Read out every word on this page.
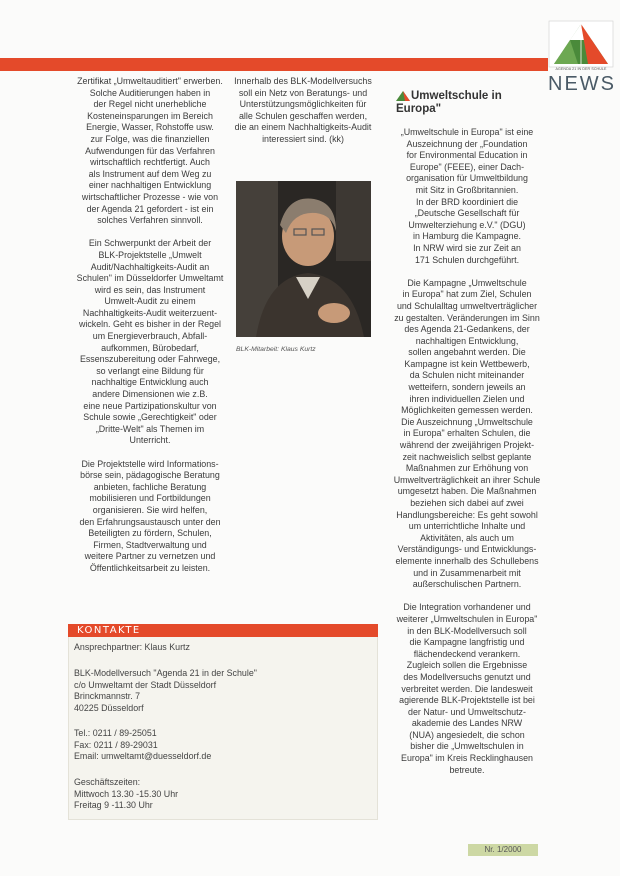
AGENDA 21 IN DER SCHULE
NEWS

Zertifikat „Umweltauditiert" erwerben.
Solche Auditierungen haben in
der Regel nicht unerhebliche
Kosteneinsparungen im Bereich
Energie, Wasser, Rohstoffe usw.
zur Folge, was die finanziellen
Aufwendungen für das Verfahren
wirtschaftlich rechtfertigt. Auch
als Instrument auf dem Weg zu
einer nachhaltigen Entwicklung
wirtschaftlicher Prozesse - wie von
der Agenda 21 gefordert - ist ein
solches Verfahren sinnvoll.

Ein Schwerpunkt der Arbeit der
BLK-Projektstelle „Umwelt
Audit/Nachhaltigkeits-Audit an
Schulen" im Düsseldorfer Umweltamt
wird es sein, das Instrument
Umwelt-Audit zu einem
Nachhaltigkeits-Audit weiterzuent-
wickeln. Geht es bisher in der Regel
um Energieverbrauch, Abfall-
aufkommen, Bürobedarf,
Essenszubereitung oder Fahrwege,
so verlangt eine Bildung für
nachhaltige Entwicklung auch
andere Dimensionen wie z.B.
eine neue Partizipationskultur von
Schule sowie „Gerechtigkeit" oder
„Dritte-Welt" als Themen im
Unterricht.

Die Projektstelle wird Informations-
börse sein, pädagogische Beratung
anbieten, fachliche Beratung
mobilisieren und Fortbildungen
organisieren. Sie wird helfen,
den Erfahrungsaustausch unter den
Beteiligten zu fördern, Schulen,
Firmen, Stadtverwaltung und
weitere Partner zu vernetzen und
Öffentlichkeitsarbeit zu leisten.

Innerhalb des BLK-Modellversuchs
soll ein Netz von Beratungs- und
Unterstützungsmöglichkeiten für
alle Schulen geschaffen werden,
die an einem Nachhaltigkeits-Audit
interessiert sind. (kk)

BLK-Mitarbeit: Klaus Kurtz
Umweltschule in
Europa"

„Umweltschule in Europa" ist eine
Auszeichnung der „Foundation
for Environmental Education in
Europe" (FEEE), einer Dach-
organisation für Umweltbildung
mit Sitz in Großbritannien.
In der BRD koordiniert die
„Deutsche Gesellschaft für
Umwelterziehung e.V." (DGU)
in Hamburg die Kampagne.
In NRW wird sie zur Zeit an
171 Schulen durchgeführt.

Die Kampagne „Umweltschule
in Europa" hat zum Ziel, Schulen
und Schulalltag umweltverträglicher
zu gestalten. Veränderungen im Sinn
des Agenda 21-Gedankens, der
nachhaltigen Entwicklung,
sollen angebahnt werden. Die
Kampagne ist kein Wettbewerb,
da Schulen nicht miteinander
wetteifern, sondern jeweils an
ihren individuellen Zielen und
Möglichkeiten gemessen werden.
Die Auszeichnung „Umweltschule
in Europa" erhalten Schulen, die
während der zweijährigen Projekt-
zeit nachweislich selbst geplante
Maßnahmen zur Erhöhung von
Umweltverträglichkeit an ihrer Schule
umgesetzt haben. Die Maßnahmen
beziehen sich dabei auf zwei
Handlungsbereiche: Es geht sowohl
um unterrichtliche Inhalte und
Aktivitäten, als auch um
Verständigungs- und Entwicklungs-
elemente innerhalb des Schullebens
und in Zusammenarbeit mit
außerschulischen Partnern.

Die Integration vorhandener und
weiterer „Umweltschulen in Europa"
in den BLK-Modellversuch soll
die Kampagne langfristig und
flächendeckend verankern.
Zugleich sollen die Ergebnisse
des Modellversuchs genutzt und
verbreitet werden. Die landesweit
agierende BLK-Projektstelle ist bei
der Natur- und Umweltschutz-
akademie des Landes NRW
(NUA) angesiedelt, die schon
bisher die „Umweltschulen in
Europa" im Kreis Recklinghausen
betreute.

KONTAKTE
Ansprechpartner: Klaus Kurtz
BLK-Modellversuch "Agenda 21 in der Schule"
c/o Umweltamt der Stadt Düsseldorf
Brinckmannstr. 7
40225 Düsseldorf
Tel.: 0211 / 89-25051
Fax: 0211 / 89-29031
Email: umweltamt@duesseldorf.de
Geschäftszeiten:
Mittwoch 13.30 -15.30 Uhr
Freitag 9 -11.30 Uhr
Nr. 1/2000
